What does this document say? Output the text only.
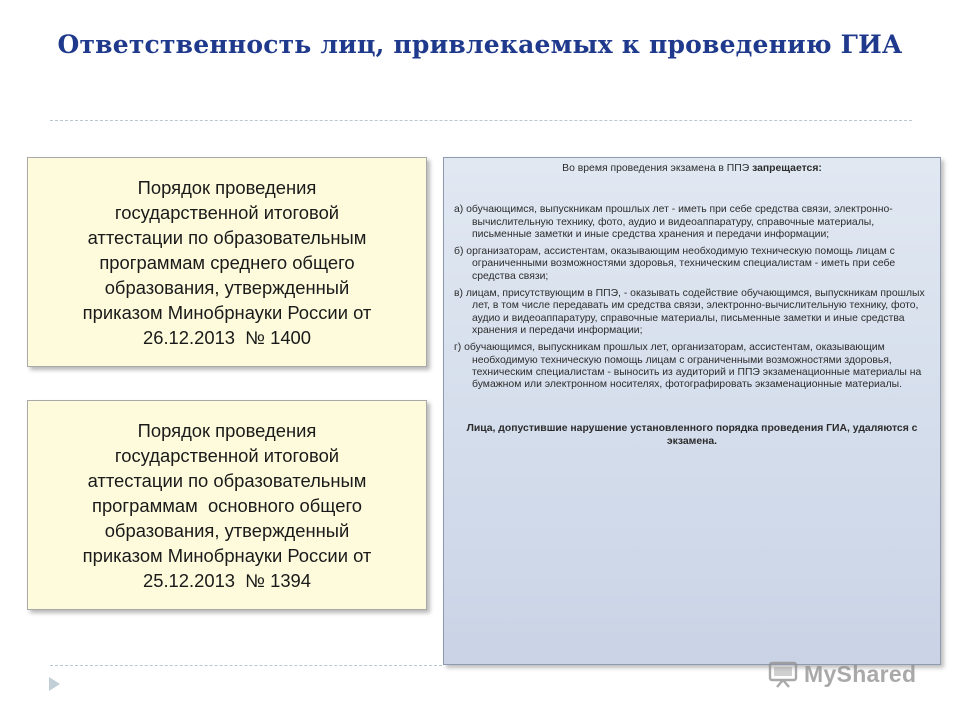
Ответственность лиц, привлекаемых к проведению ГИА
Порядок проведения
государственной итоговой
аттестации по образовательным
программам среднего общего
образования, утвержденный
приказом Минобрнауки России от
26.12.2013  № 1400
Порядок проведения
государственной итоговой
аттестации по образовательным
программам  основного общего
образования, утвержденный
приказом Минобрнауки России от
25.12.2013  № 1394

Во время проведения экзамена в ППЭ запрещается:

а) обучающимся, выпускникам прошлых лет - иметь при себе средства связи, электронно-вычислительную технику, фото, аудио и видеоаппаратуру, справочные материалы, письменные заметки и иные средства хранения и передачи информации;

б) организаторам, ассистентам, оказывающим необходимую техническую помощь лицам с ограниченными возможностями здоровья, техническим специалистам - иметь при себе средства связи;

в) лицам, присутствующим в ППЭ, - оказывать содействие обучающимся, выпускникам прошлых лет, в том числе передавать им средства связи, электронно-вычислительную технику, фото, аудио и видеоаппаратуру, справочные материалы, письменные заметки и иные средства хранения и передачи информации;

г) обучающимся, выпускникам прошлых лет, организаторам, ассистентам, оказывающим необходимую техническую помощь лицам с ограниченными возможностями здоровья, техническим специалистам - выносить из аудиторий и ППЭ экзаменационные материалы на бумажном или электронном носителях, фотографировать экзаменационные материалы.

Лица, допустившие нарушение установленного порядка проведения ГИА, удаляются с экзамена.

MyShared
